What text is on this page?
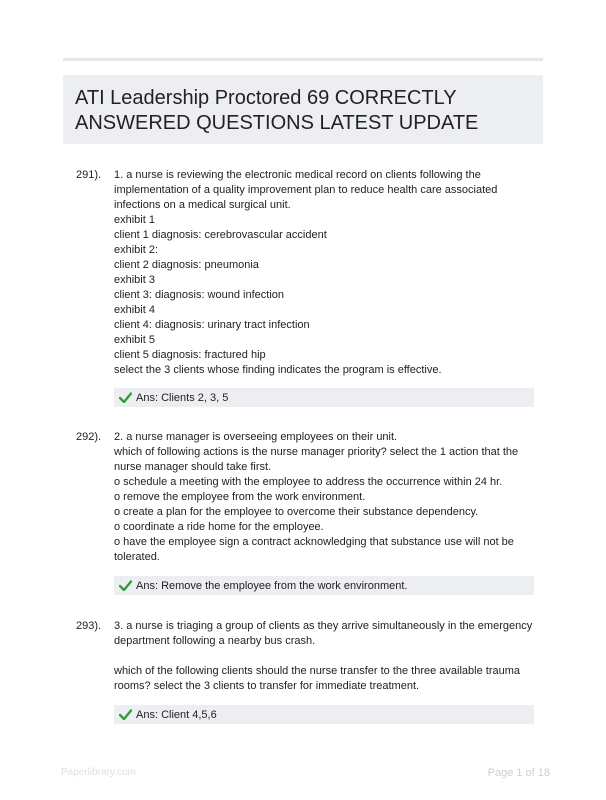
ATI Leadership Proctored 69 CORRECTLY
ANSWERED QUESTIONS LATEST UPDATE
291). 1. a nurse is reviewing the electronic medical record on clients following the
implementation of a quality improvement plan to reduce health care associated
infections on a medical surgical unit.
exhibit 1
client 1 diagnosis: cerebrovascular accident
exhibit 2:
client 2 diagnosis: pneumonia
exhibit 3
client 3: diagnosis: wound infection
exhibit 4
client 4: diagnosis: urinary tract infection
exhibit 5
client 5 diagnosis: fractured hip
select the 3 clients whose finding indicates the program is effective.
Ans: Clients 2, 3, 5
292). 2. a nurse manager is overseeing employees on their unit.
which of following actions is the nurse manager priority? select the 1 action that the
nurse manager should take first.
o schedule a meeting with the employee to address the occurrence within 24 hr.
o remove the employee from the work environment.
o create a plan for the employee to overcome their substance dependency.
o coordinate a ride home for the employee.
o have the employee sign a contract acknowledging that substance use will not be
tolerated.
Ans: Remove the employee from the work environment.
293). 3. a nurse is triaging a group of clients as they arrive simultaneously in the emergency
department following a nearby bus crash.
which of the following clients should the nurse transfer to the three available trauma
rooms? select the 3 clients to transfer for immediate treatment.
Ans: Client 4,5,6
Paperlibrary.com	Page 1 of 18
